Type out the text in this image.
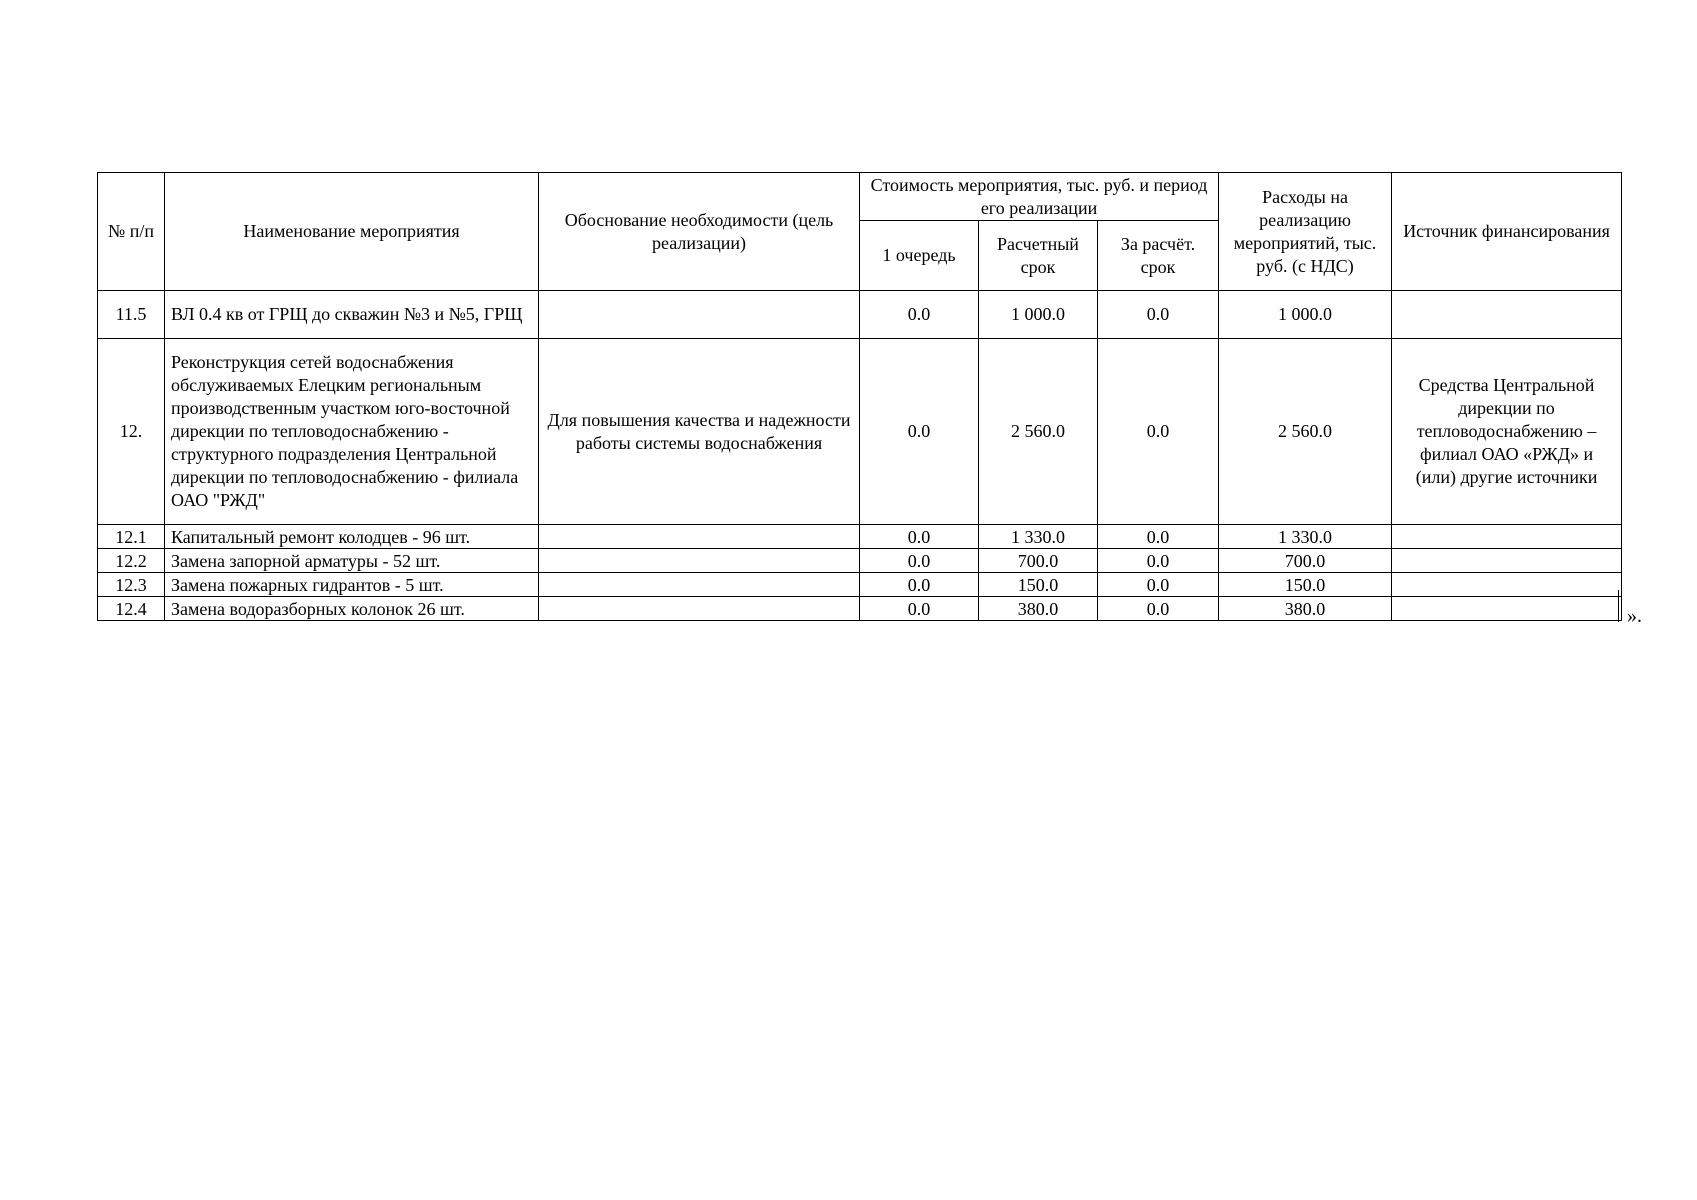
№ п/п	Наименование мероприятия	Обоснование необходимости (цель реализации)	Стоимость мероприятия, тыс. руб. и период его реализации			Расходы на реализацию мероприятий, тыс. руб. (с НДС)	Источник финансирования
			1 очередь	Расчетный срок	За расчёт. срок		
11.5	ВЛ 0.4 кв от ГРЩ до скважин №3 и №5, ГРЩ		0.0	1 000.0	0.0	1 000.0	
12.	Реконструкция сетей водоснабжения обслуживаемых Елецким региональным производственным участком юго-восточной дирекции по тепловодоснабжению - структурного подразделения Центральной дирекции по тепловодоснабжению - филиала ОАО "РЖД"	Для повышения качества и надежности работы системы водоснабжения	0.0	2 560.0	0.0	2 560.0	Средства Центральной дирекции по тепловодоснабжению – филиал ОАО «РЖД» и (или) другие источники
12.1	Капитальный ремонт колодцев - 96 шт.		0.0	1 330.0	0.0	1 330.0	
12.2	Замена запорной арматуры - 52 шт.		0.0	700.0	0.0	700.0	
12.3	Замена пожарных гидрантов - 5 шт.		0.0	150.0	0.0	150.0	
12.4	Замена водоразборных колонок 26 шт.		0.0	380.0	0.0	380.0		».
